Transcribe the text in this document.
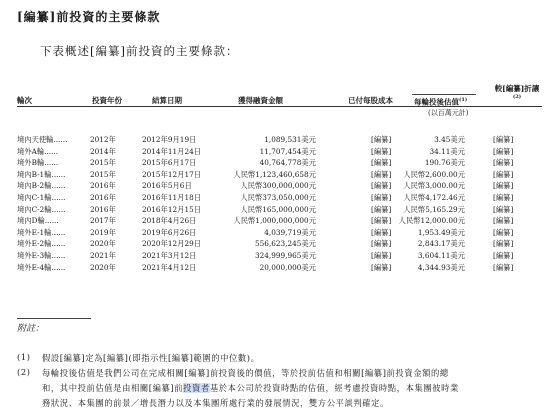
[編纂]前投資的主要條款
下表概述[編纂]前投資的主要條款：
輪次	投資年份	結算日期	獲得融資金額	已付每股成本	每輪投後估值$^{(1)}$
(以百萬元計)
較[編纂]折讓$^{(2)}$
境內天使輪......	2012年	2012年9月19日	1,089,531美元	[編纂]	3.45美元	[編纂]
境外A輪......	2014年	2014年11月24日	11,707,454美元	[編纂]	34.11美元	[編纂]
境外B輪......	2015年	2015年6月17日	40,764,778美元	[編纂]	190.76美元	[編纂]
境內B-1輪......	2015年	2015年12月17日	人民幣1,123,460,658元	[編纂] 人民幣2,600.00元	[編纂]
境內B-2輪......	2016年	2016年5月6日	人民幣300,000,000元	[編纂] 人民幣3,000.00元	[編纂]
境內C-1輪......	2016年	2016年11月18日	人民幣373,050,000元	[編纂] 人民幣4,172.46元	[編纂]
境內C-2輪......	2016年	2016年12月15日	人民幣165,000,000元	[編纂] 人民幣5,165.29元	[編纂]
境內D輪......	2017年	2018年4月26日	人民幣1,000,000,000元	[編纂] 人民幣12,000.00元	[編纂]
境外E-1輪......	2019年	2019年6月26日	4,039,719美元	[編纂]	1,953.49美元	[編纂]
境外E-2輪......	2020年	2020年12月29日	556,623,245美元	[編纂]	2,843.17美元	[編纂]
境外E-3輪......	2021年	2021年3月12日	324,999,965美元	[編纂]	3,604.11美元	[編纂]
境外E-4輪......	2020年	2021年4月12日	20,000,000美元	[編纂]	4,344.93美元	[編纂]
附註：
(1) 假設[編纂]定為[編纂](即指示性[編纂]範圍的中位數)。
(2) 每輪投後估值是我們公司在完成相關[編纂]前投資後的價值，等於投前估值和相關[編纂]前投資金額的總
和，其中投前估值是由相關[編纂]前投資者基於本公司於投資時點的估值，經考慮投資時點，本集團彼時業
務狀況、本集團的前景／增長潛力以及本集團所處行業的發展情況，雙方公平談判確定。
